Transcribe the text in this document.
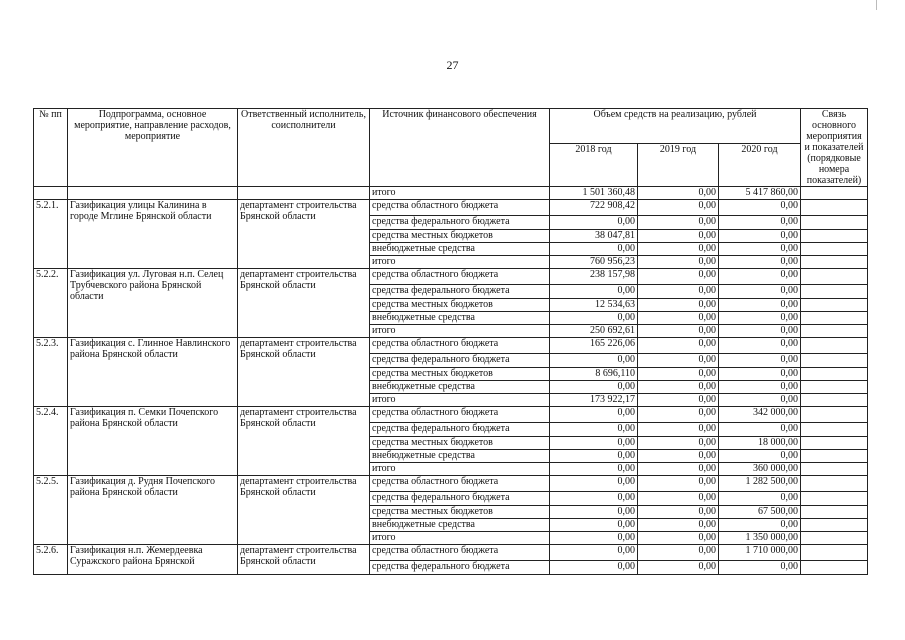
27
№ пп	Подпрограмма, основное мероприятие, направление расходов, мероприятие	Ответственный исполнитель, соисполнители	Источник финансового обеспечения	Объем средств на реализацию, рублей			Связь основного мероприятия
и показателей (порядковые номера показателей)

				2018 год	2019 год	2020 год	
			итого	1 501 360,48	0,00	5 417 860,00	
5.2.1.	Газификация улицы Калинина в городе Мглине Брянской области	департамент строительства Брянской области	средства областного бюджета	722 908,42	0,00	0,00	
			средства федерального бюджета	0,00	0,00	0,00	
			средства местных бюджетов	38 047,81	0,00	0,00	
			внебюджетные средства	0,00	0,00	0,00	
			итого	760 956,23	0,00	0,00	
5.2.2.	Газификация ул. Луговая н.п. Селец Трубчевского района Брянской области	департамент строительства Брянской области	средства областного бюджета	238 157,98	0,00	0,00	
			средства федерального бюджета	0,00	0,00	0,00	
			средства местных бюджетов	12 534,63	0,00	0,00	
			внебюджетные средства	0,00	0,00	0,00	
			итого	250 692,61	0,00	0,00	
5.2.3.	Газификация с. Глинное Навлинского района Брянской области	департамент строительства Брянской области	средства областного бюджета	165 226,06	0,00	0,00	
			средства федерального бюджета	0,00	0,00	0,00	
			средства местных бюджетов	8 696,110	0,00	0,00	
			внебюджетные средства	0,00	0,00	0,00	
			итого	173 922,17	0,00	0,00	
5.2.4.	Газификация п. Семки Почепского района Брянской области	департамент строительства Брянской области	средства областного бюджета	0,00	0,00	342 000,00	
			средства федерального бюджета	0,00	0,00	0,00	
			средства местных бюджетов	0,00	0,00	18 000,00	
			внебюджетные средства	0,00	0,00	0,00	
			итого	0,00	0,00	360 000,00	
5.2.5.	Газификация д. Рудня Почепского района Брянской области	департамент строительства Брянской области	средства областного бюджета	0,00	0,00	1 282 500,00	
			средства федерального бюджета	0,00	0,00	0,00	
			средства местных бюджетов	0,00	0,00	67 500,00	
			внебюджетные средства	0,00	0,00	0,00	
			итого	0,00	0,00	1 350 000,00	
5.2.6.	Газификация н.п. Жемердеевка Суражского района Брянской	департамент строительства Брянской области	средства областного бюджета	0,00	0,00	1 710 000,00	
			средства федерального бюджета	0,00	0,00	0,00	
